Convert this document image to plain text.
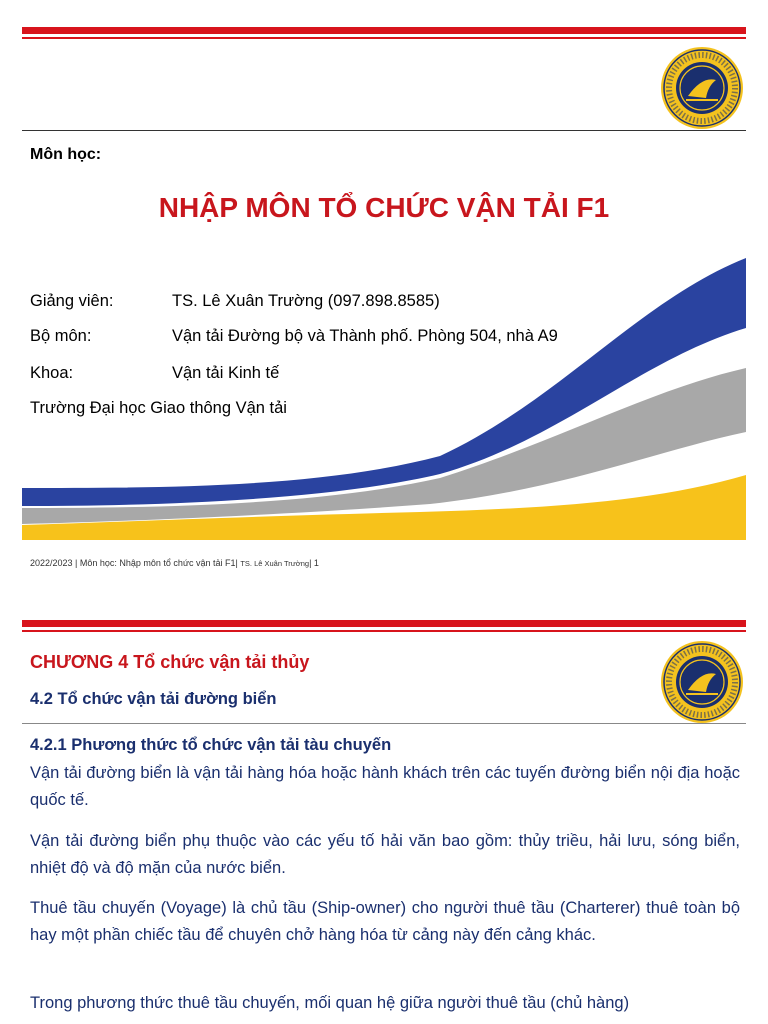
Môn học:
NHẬP MÔN TỔ CHỨC VẬN TẢI F1
Giảng viên:	TS. Lê Xuân Trường (097.898.8585)
Bộ môn:	Vận tải Đường bộ và Thành phố. Phòng 504, nhà A9
Khoa:	Vận tải Kinh tế
Trường Đại học Giao thông Vận tải
2022/2023 | Môn học: Nhập môn tổ chức vận tải F1| TS. Lê Xuân Trường| 1
CHƯƠNG 4 Tổ chức vận tải thủy
4.2 Tổ chức vận tải đường biển
4.2.1 Phương thức tổ chức vận tải tàu chuyến
Vận tải đường biển là vận tải hàng hóa hoặc hành khách trên các tuyến đường biển nội địa hoặc quốc tế.
Vận tải đường biển phụ thuộc vào các yếu tố hải văn bao gồm: thủy triều, hải lưu, sóng biển, nhiệt độ và độ mặn của nước biển.
Thuê tầu chuyến (Voyage) là chủ tầu (Ship-owner) cho người thuê tầu (Charterer) thuê toàn bộ hay một phần chiếc tầu để chuyên chở hàng hóa từ cảng này đến cảng khác.
Trong phương thức thuê tầu chuyến, mối quan hệ giữa người thuê tầu (chủ hàng)
